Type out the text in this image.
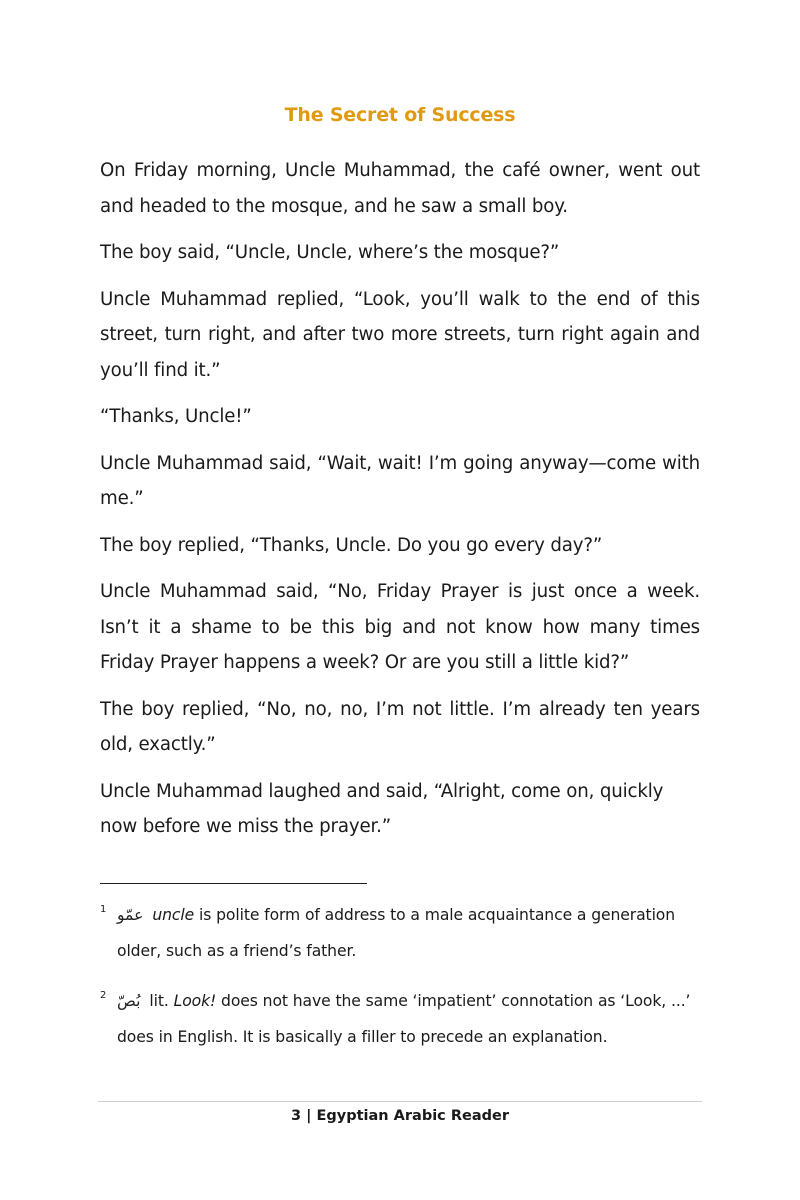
The Secret of Success

On Friday morning, Uncle Muhammad, the café owner, went out and headed to the mosque, and he saw a small boy.

The boy said, “Uncle, Uncle, where’s the mosque?”

Uncle Muhammad replied, “Look, you’ll walk to the end of this street, turn right, and after two more streets, turn right again and you’ll find it.”

“Thanks, Uncle!”

Uncle Muhammad said, “Wait, wait! I’m going anyway—come with me.”

The boy replied, “Thanks, Uncle. Do you go every day?”

Uncle Muhammad said, “No, Friday Prayer is just once a week. Isn’t it a shame to be this big and not know how many times Friday Prayer happens a week? Or are you still a little kid?”

The boy replied, “No, no, no, I’m not little. I’m already ten years old, exactly.”

Uncle Muhammad laughed and said, “Alright, come on, quickly now before we miss the prayer.”

1 عمّو uncle is polite form of address to a male acquaintance a generation older, such as a friend’s father.
2 بُصّ lit. Look! does not have the same ‘impatient’ connotation as ‘Look, ...’ does in English. It is basically a filler to precede an explanation.
3 | Egyptian Arabic Reader
